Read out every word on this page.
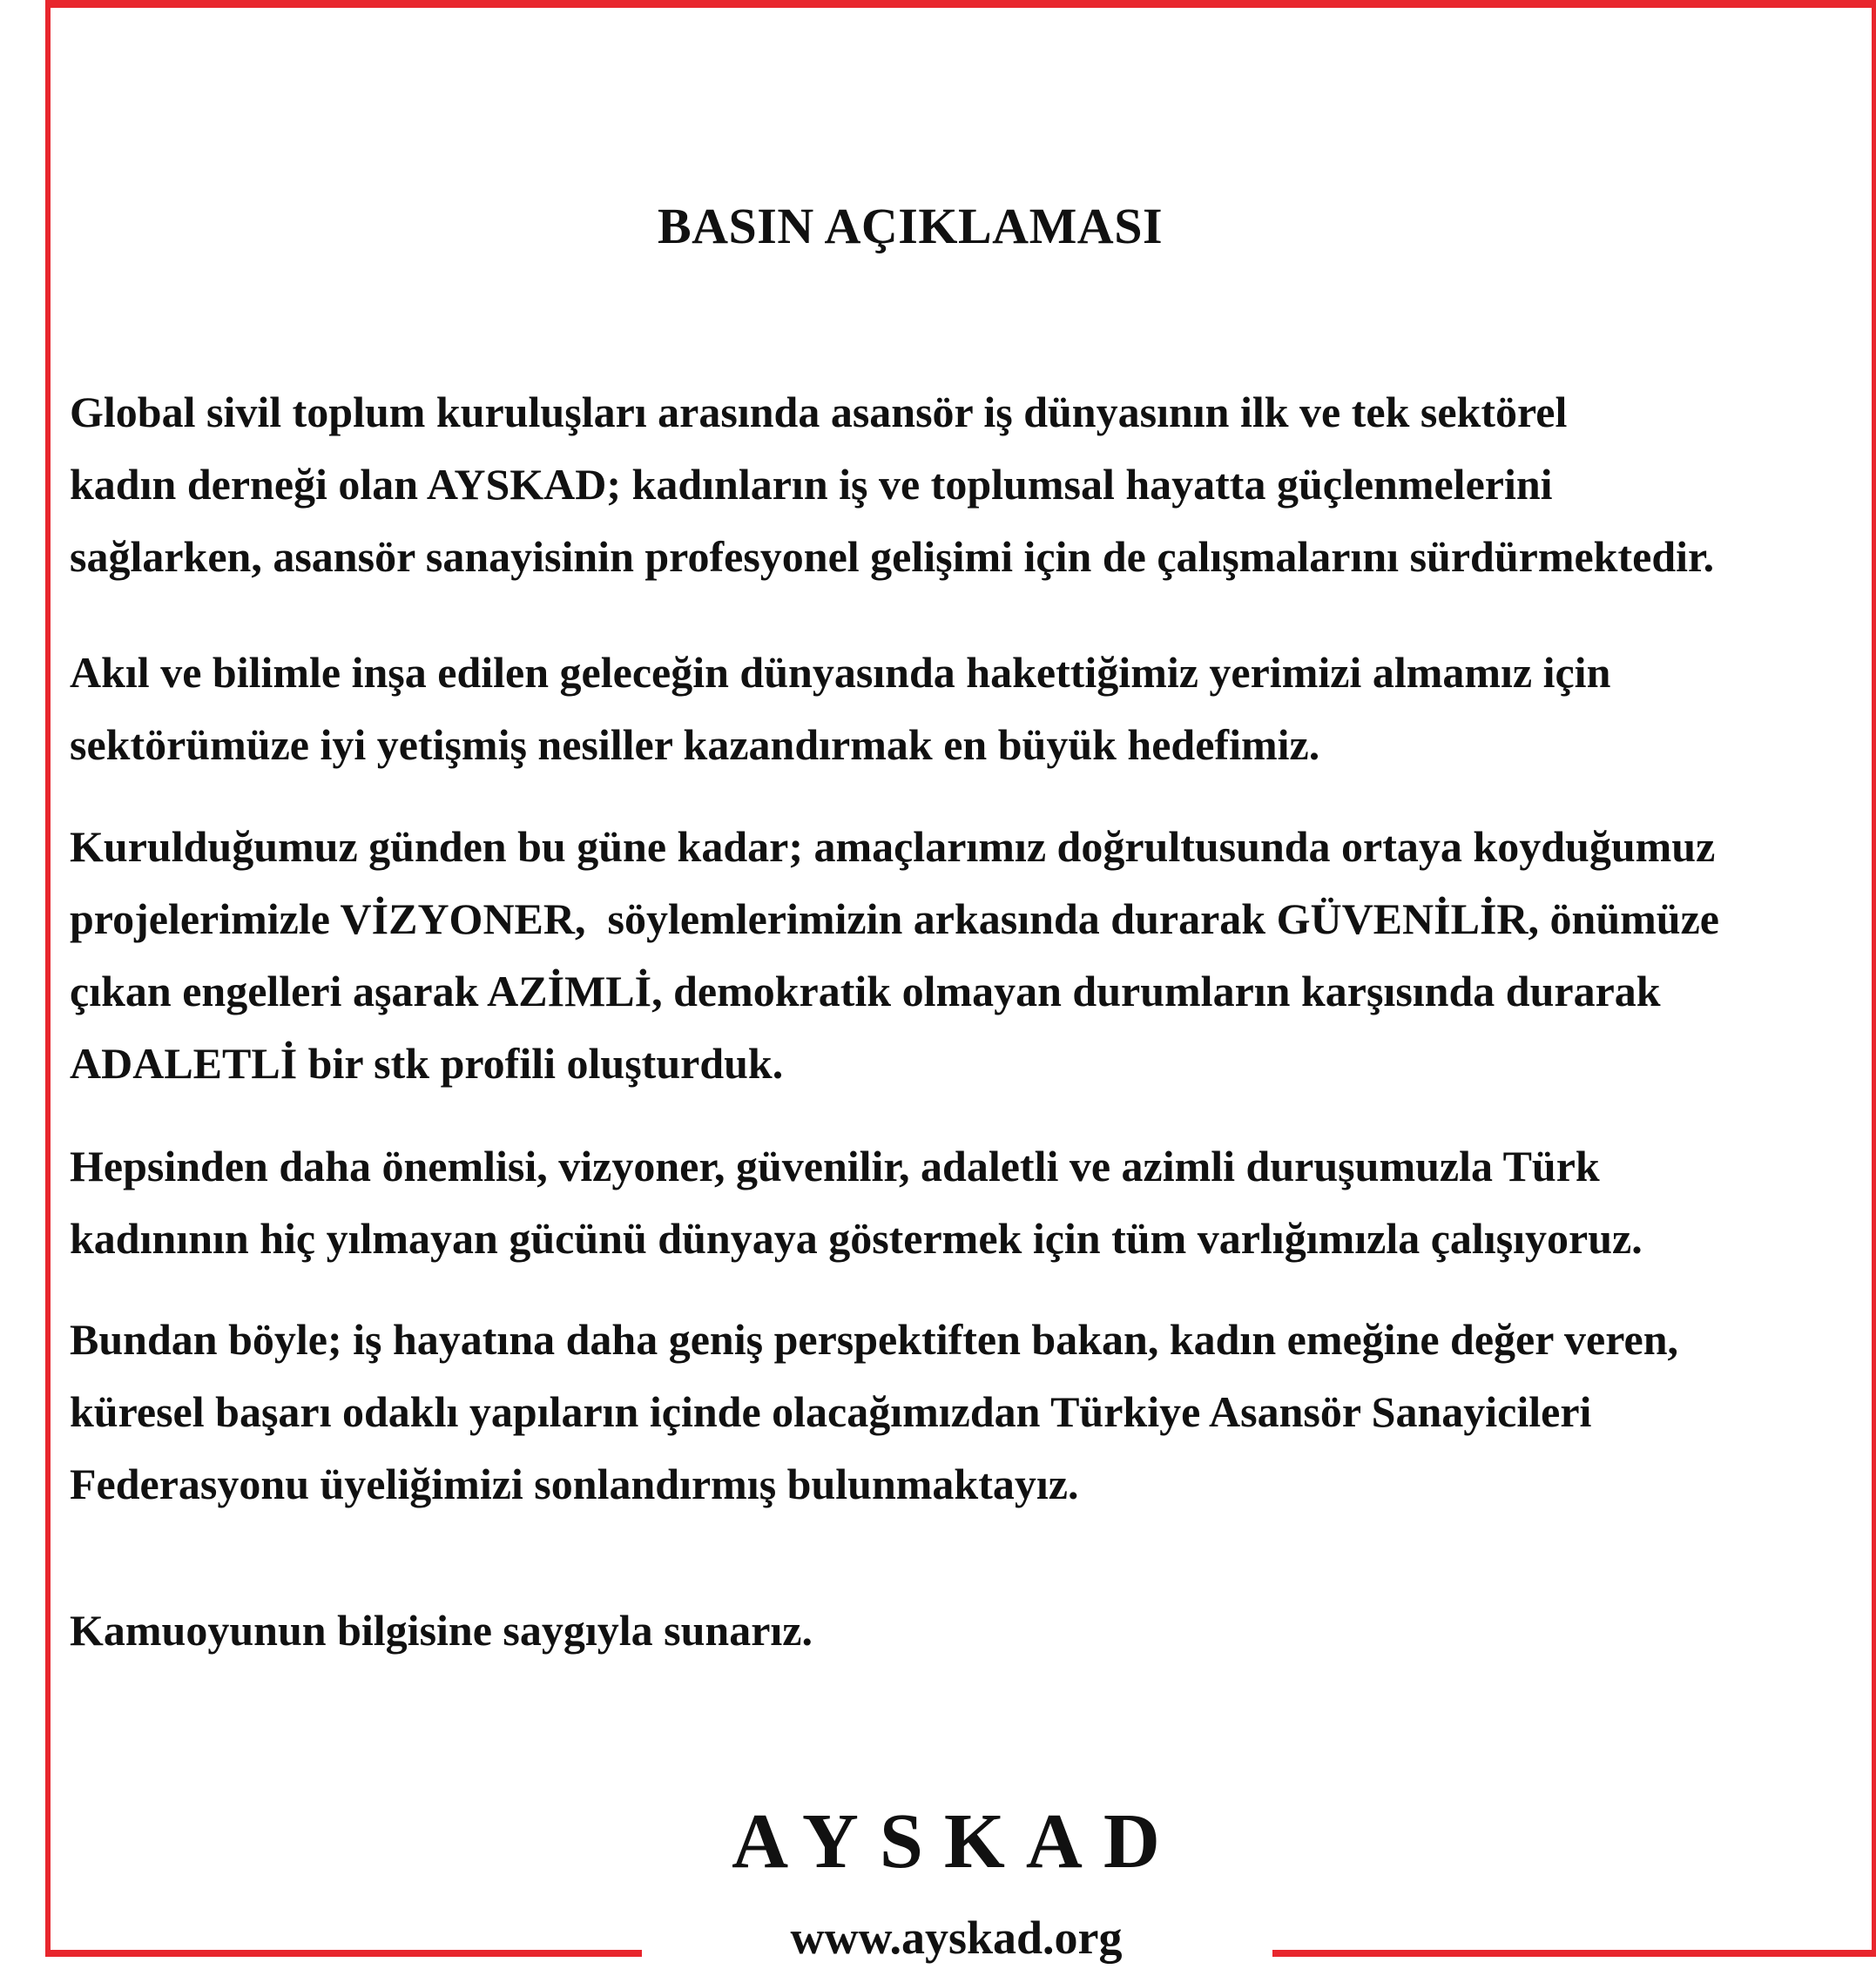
BASIN AÇIKLAMASI
Global sivil toplum kuruluşları arasında asansör iş dünyasının ilk ve tek sektörel
kadın derneği olan AYSKAD; kadınların iş ve toplumsal hayatta güçlenmelerini
sağlarken, asansör sanayisinin profesyonel gelişimi için de çalışmalarını sürdürmektedir.
Akıl ve bilimle inşa edilen geleceğin dünyasında hakettiğimiz yerimizi almamız için
sektörümüze iyi yetişmiş nesiller kazandırmak en büyük hedefimiz.
Kurulduğumuz günden bu güne kadar; amaçlarımız doğrultusunda ortaya koyduğumuz
projelerimizle VİZYONER,  söylemlerimizin arkasında durarak GÜVENİLİR, önümüze
çıkan engelleri aşarak AZİMLİ, demokratik olmayan durumların karşısında durarak
ADALETLİ bir stk profili oluşturduk.
Hepsinden daha önemlisi, vizyoner, güvenilir, adaletli ve azimli duruşumuzla Türk
kadınının hiç yılmayan gücünü dünyaya göstermek için tüm varlığımızla çalışıyoruz.
Bundan böyle; iş hayatına daha geniş perspektiften bakan, kadın emeğine değer veren,
küresel başarı odaklı yapıların içinde olacağımızdan Türkiye Asansör Sanayicileri
Federasyonu üyeliğimizi sonlandırmış bulunmaktayız.
Kamuoyunun bilgisine saygıyla sunarız.
AYSKAD
www.ayskad.org
